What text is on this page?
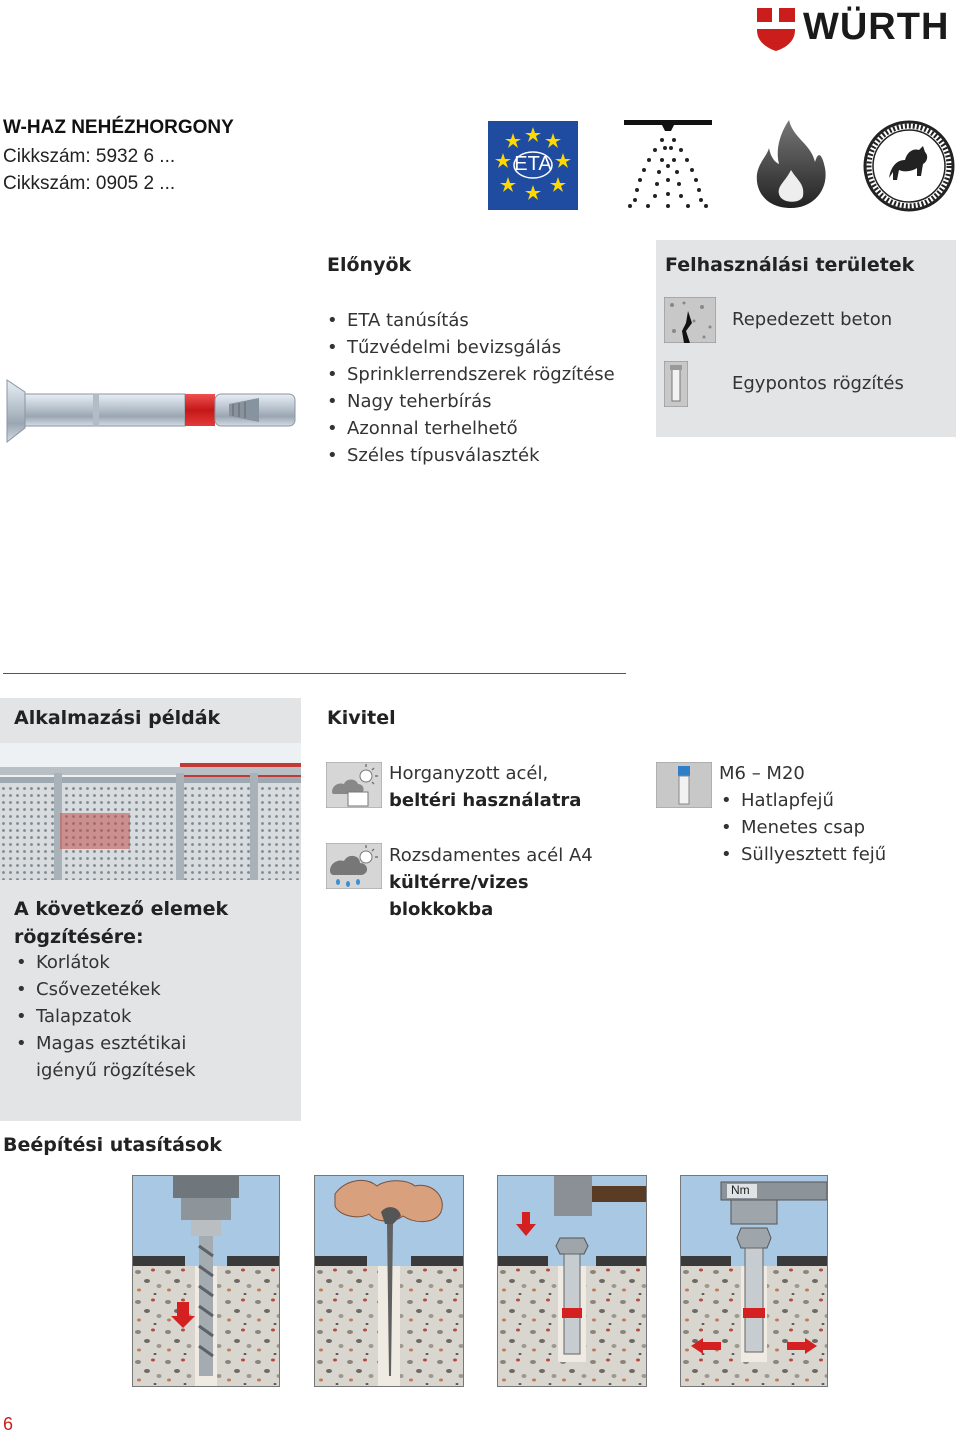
WÜRTH
W-HAZ NEHÉZHORGONY
Cikkszám: 5932 6 ...
Cikkszám: 0905 2 ...
ETA
Előnyök
• ETA tanúsítás
• Tűzvédelmi bevizsgálás
• Sprinklerrendszerek rögzítése
• Nagy teherbírás
• Azonnal terhelhető
• Széles típusválaszték
Felhasználási területek
Repedezett beton
Egypontos rögzítés
Alkalmazási példák
A következő elemek rögzítésére:
• Korlátok
• Csővezetékek
• Talapzatok
• Magas esztétikai igényű rögzítések
Kivitel
Horganyzott acél,
beltéri használatra
Rozsdamentes acél A4
kültérre/vizes blokkokba
M6 – M20
• Hatlapfejű
• Menetes csap
• Süllyesztett fejű
Beépítési utasítások
Nm
6
